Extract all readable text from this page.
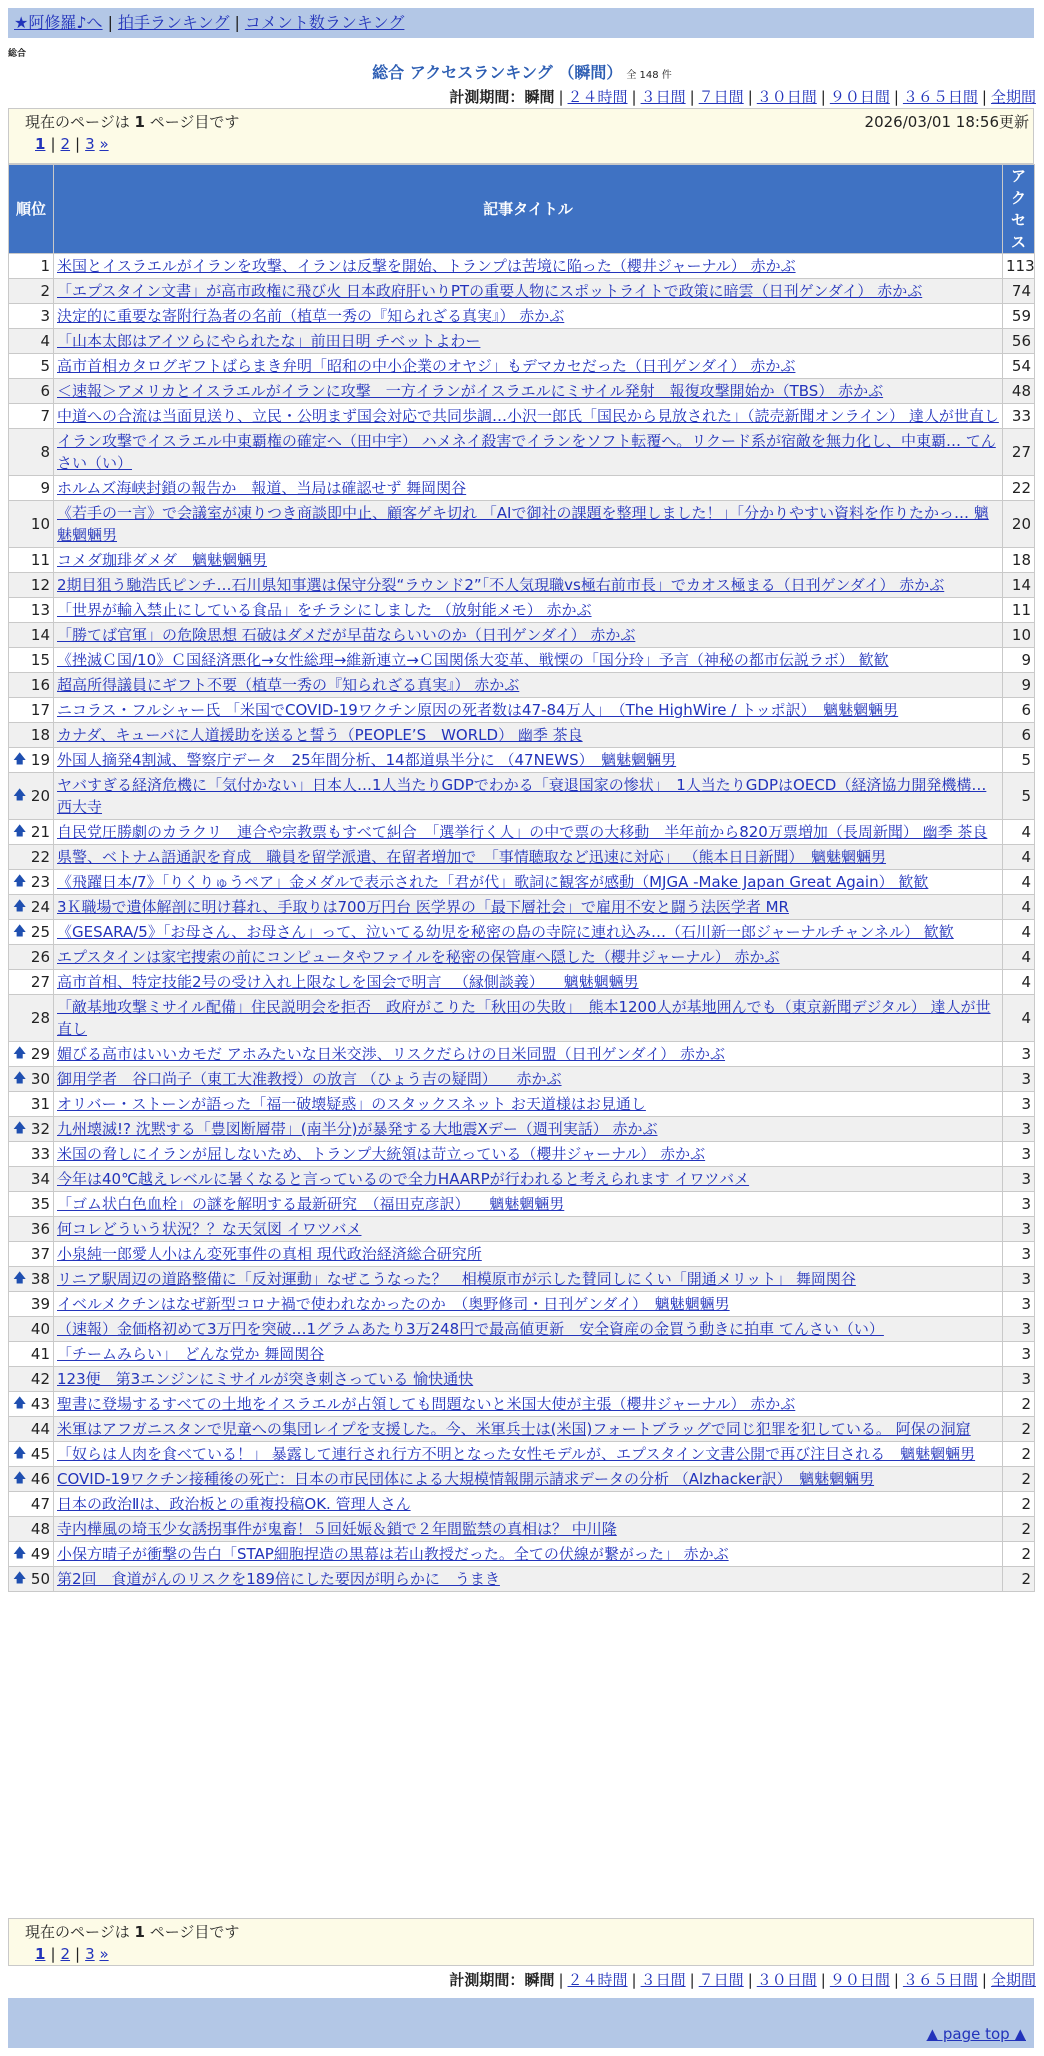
★阿修羅♪へ | 拍手ランキング | コメント数ランキング
総合
総合 アクセスランキング （瞬間） 全 148 件
計測期間：瞬間 | ２４時間 | ３日間 | ７日間 | ３０日間 | ９０日間 | ３６５日間 | 全期間
現在のページは 1 ページ目です	2026/03/01 18:56更新
1 | 2 | 3 »
順位	記事タイトル	アクセス
1	米国とイスラエルがイランを攻撃、イランは反撃を開始、トランプは苦境に陥った（櫻井ジャーナル） 赤かぶ	113
2	「エプスタイン文書」が高市政権に飛び火 日本政府肝いりPTの重要人物にスポットライトで政策に暗雲（日刊ゲンダイ） 赤かぶ	74
3	決定的に重要な寄附行為者の名前（植草一秀の『知られざる真実』） 赤かぶ	59
4	「山本太郎はアイツらにやられたな」前田日明 チベットよわー	56
5	高市首相カタログギフトばらまき弁明「昭和の中小企業のオヤジ」もデマカセだった（日刊ゲンダイ） 赤かぶ	54
6	＜速報＞アメリカとイスラエルがイランに攻撃　一方イランがイスラエルにミサイル発射　報復攻撃開始か（TBS） 赤かぶ	48
7	中道への合流は当面見送り、立民・公明まず国会対応で共同歩調…小沢一郎氏「国民から見放された」（読売新聞オンライン） 達人が世直し	33
8	イラン攻撃でイスラエル中東覇権の確定へ（田中宇） ハメネイ殺害でイランをソフト転覆へ。リクード系が宿敵を無力化し、中東覇… てんさい（い）	27
9	ホルムズ海峡封鎖の報告か　報道、当局は確認せず 舞岡関谷	22
10	《若手の一言》で会議室が凍りつき商談即中止、顧客ゲキ切れ 「AIで御社の課題を整理しました！」「分かりやすい資料を作りたかっ… 魑魅魍魎男	20
11	コメダ珈琲ダメダ　魑魅魍魎男	18
12	2期目狙う馳浩氏ピンチ…石川県知事選は保守分裂“ラウンド2”「不人気現職vs極右前市長」でカオス極まる（日刊ゲンダイ） 赤かぶ	14
13	「世界が輸入禁止にしている食品」をチラシにしました （放射能メモ） 赤かぶ	11
14	「勝てば官軍」の危険思想 石破はダメだが早苗ならいいのか（日刊ゲンダイ） 赤かぶ	10
15	《挫滅Ｃ国/10》Ｃ国経済悪化→女性総理→維新連立→Ｃ国関係大変革、戦慄の「国分玲」予言（神秘の都市伝説ラボ） 歓歓	9
16	超高所得議員にギフト不要（植草一秀の『知られざる真実』） 赤かぶ	9
17	ニコラス・フルシャー氏 「米国でCOVID-19ワクチン原因の死者数は47-84万人」　（The HighWire / トッポ訳）　魑魅魍魎男	6
18	カナダ、キューバに人道援助を送ると誓う（PEOPLE’S　WORLD） 幽季 茶良	6

🡅 19	外国人摘発4割減、警察庁データ　25年間分析、14都道県半分に （47NEWS）　魑魅魍魎男	5

🡅 20	ヤバすぎる経済危機に「気付かない」日本人…1人当たりGDPでわかる「衰退国家の惨状」　1人当たりGDPはOECD（経済協力開発機構… 西大寺	5

🡅 21	自民党圧勝劇のカラクリ　連合や宗教票もすべて糾合　「選挙行く人」の中で票の大移動　半年前から820万票増加（長周新聞） 幽季 茶良	4
22	県警、ベトナム語通訳を育成　職員を留学派遣、在留者増加で　「事情聴取など迅速に対応」 （熊本日日新聞）　魑魅魍魎男	4

🡅 23	《飛躍日本/7》「りくりゅうペア」金メダルで表示された「君が代」歌詞に観客が感動（MJGA -Make Japan Great Again） 歓歓	4

🡅 24	3Ｋ職場で遺体解剖に明け暮れ、手取りは700万円台 医学界の「最下層社会」で雇用不安と闘う法医学者 MR	4

🡅 25	《GESARA/5》「お母さん、お母さん」って、泣いてる幼児を秘密の島の寺院に連れ込み…（石川新一郎ジャーナルチャンネル） 歓歓	4
26	エプスタインは家宅捜索の前にコンピュータやファイルを秘密の保管庫へ隠した（櫻井ジャーナル） 赤かぶ	4
27	高市首相、特定技能2号の受け入れ上限なしを国会で明言 　（縁側談義） 　魑魅魍魎男	4
28	「敵基地攻撃ミサイル配備」住民説明会を拒否　政府がこりた「秋田の失敗」　熊本1200人が基地囲んでも（東京新聞デジタル） 達人が世直し	4

🡅 29	媚びる高市はいいカモだ アホみたいな日米交渉、リスクだらけの日米同盟（日刊ゲンダイ） 赤かぶ	3

🡅 30	御用学者　谷口尚子（東工大准教授）の放言 （ひょう吉の疑問） 　赤かぶ	3
31	オリバー・ストーンが語った「福一破壊疑惑」のスタックスネット お天道様はお見通し	3

🡅 32	九州壊滅!? 沈黙する「豊図断層帯」(南半分)が暴発する大地震Xデー（週刊実話） 赤かぶ	3
33	米国の脅しにイランが屈しないため、トランプ大統領は苛立っている（櫻井ジャーナル） 赤かぶ	3
34	今年は40℃越えレベルに暑くなると言っているので全力HAARPが行われると考えられます イワツバメ	3
35	「ゴム状白色血栓」の謎を解明する最新研究　（福田克彦訳） 　魑魅魍魎男	3
36	何コレどういう状況？？な天気図 イワツバメ	3
37	小泉純一郎愛人小はん変死事件の真相 現代政治経済総合研究所	3

🡅 38	リニア駅周辺の道路整備に「反対運動」なぜこうなった？　相模原市が示した賛同しにくい「開通メリット」 舞岡関谷	3
39	イベルメクチンはなぜ新型コロナ禍で使われなかったのか　（奥野修司・日刊ゲンダイ）　魑魅魍魎男	3
40	（速報）金価格初めて3万円を突破…1グラムあたり3万248円で最高値更新　安全資産の金買う動きに拍車 てんさい（い）	3
41	「チームみらい」　どんな党か 舞岡関谷	3
42	123便　第3エンジンにミサイルが突き刺さっている 愉快通快	3

🡅 43	聖書に登場するすべての土地をイスラエルが占領しても問題ないと米国大使が主張（櫻井ジャーナル） 赤かぶ	2
44	米軍はアフガニスタンで児童への集団レイプを支援した。今、米軍兵士は(米国)フォートブラッグで同じ犯罪を犯している。 阿保の洞窟	2

🡅 45	「奴らは人肉を食べている！」 暴露して連行され行方不明となった女性モデルが、エプスタイン文書公開で再び注目される　魑魅魍魎男	2

🡅 46	COVID-19ワクチン接種後の死亡：日本の市民団体による大規模情報開示請求データの分析 （Alzhacker訳）　魑魅魍魎男	2
47	日本の政治Ⅱは、政治板との重複投稿OK. 管理人さん	2
48	寺内樺風の埼玉少女誘拐事件が鬼畜！５回妊娠＆鎖で２年間監禁の真相は？ 中川隆	2

🡅 49	小保方晴子が衝撃の告白「STAP細胞捏造の黒幕は若山教授だった。全ての伏線が繋がった」 赤かぶ	2

🡅 50	第2回　食道がんのリスクを189倍にした要因が明らかに　うまき	2
現在のページは 1 ページ目です
1 | 2 | 3 »
計測期間：瞬間 | ２４時間 | ３日間 | ７日間 | ３０日間 | ９０日間 | ３６５日間 | 全期間
▲ page top ▲
